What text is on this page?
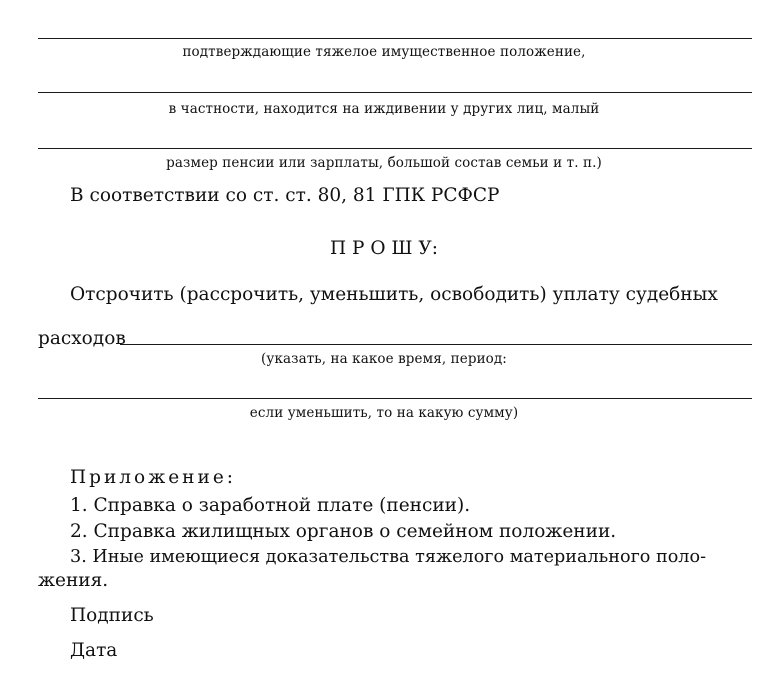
подтверждающие тяжелое имущественное положение,
в частности, находится на иждивении у других лиц, малый
размер пенсии или зарплаты, большой состав семьи и т. п.)
В соответствии со ст. ст. 80, 81 ГПК РСФСР
П Р О Ш У:
Отсрочить (рассрочить, уменьшить, освободить) уплату судебных
расходов
(указать, на какое время, период:
если уменьшить, то на какую сумму)
Приложение:
1. Справка о заработной плате (пенсии).
2. Справка жилищных органов о семейном положении.
3. Иные имеющиеся доказательства тяжелого материального поло-
жения.
Подпись
Дата
